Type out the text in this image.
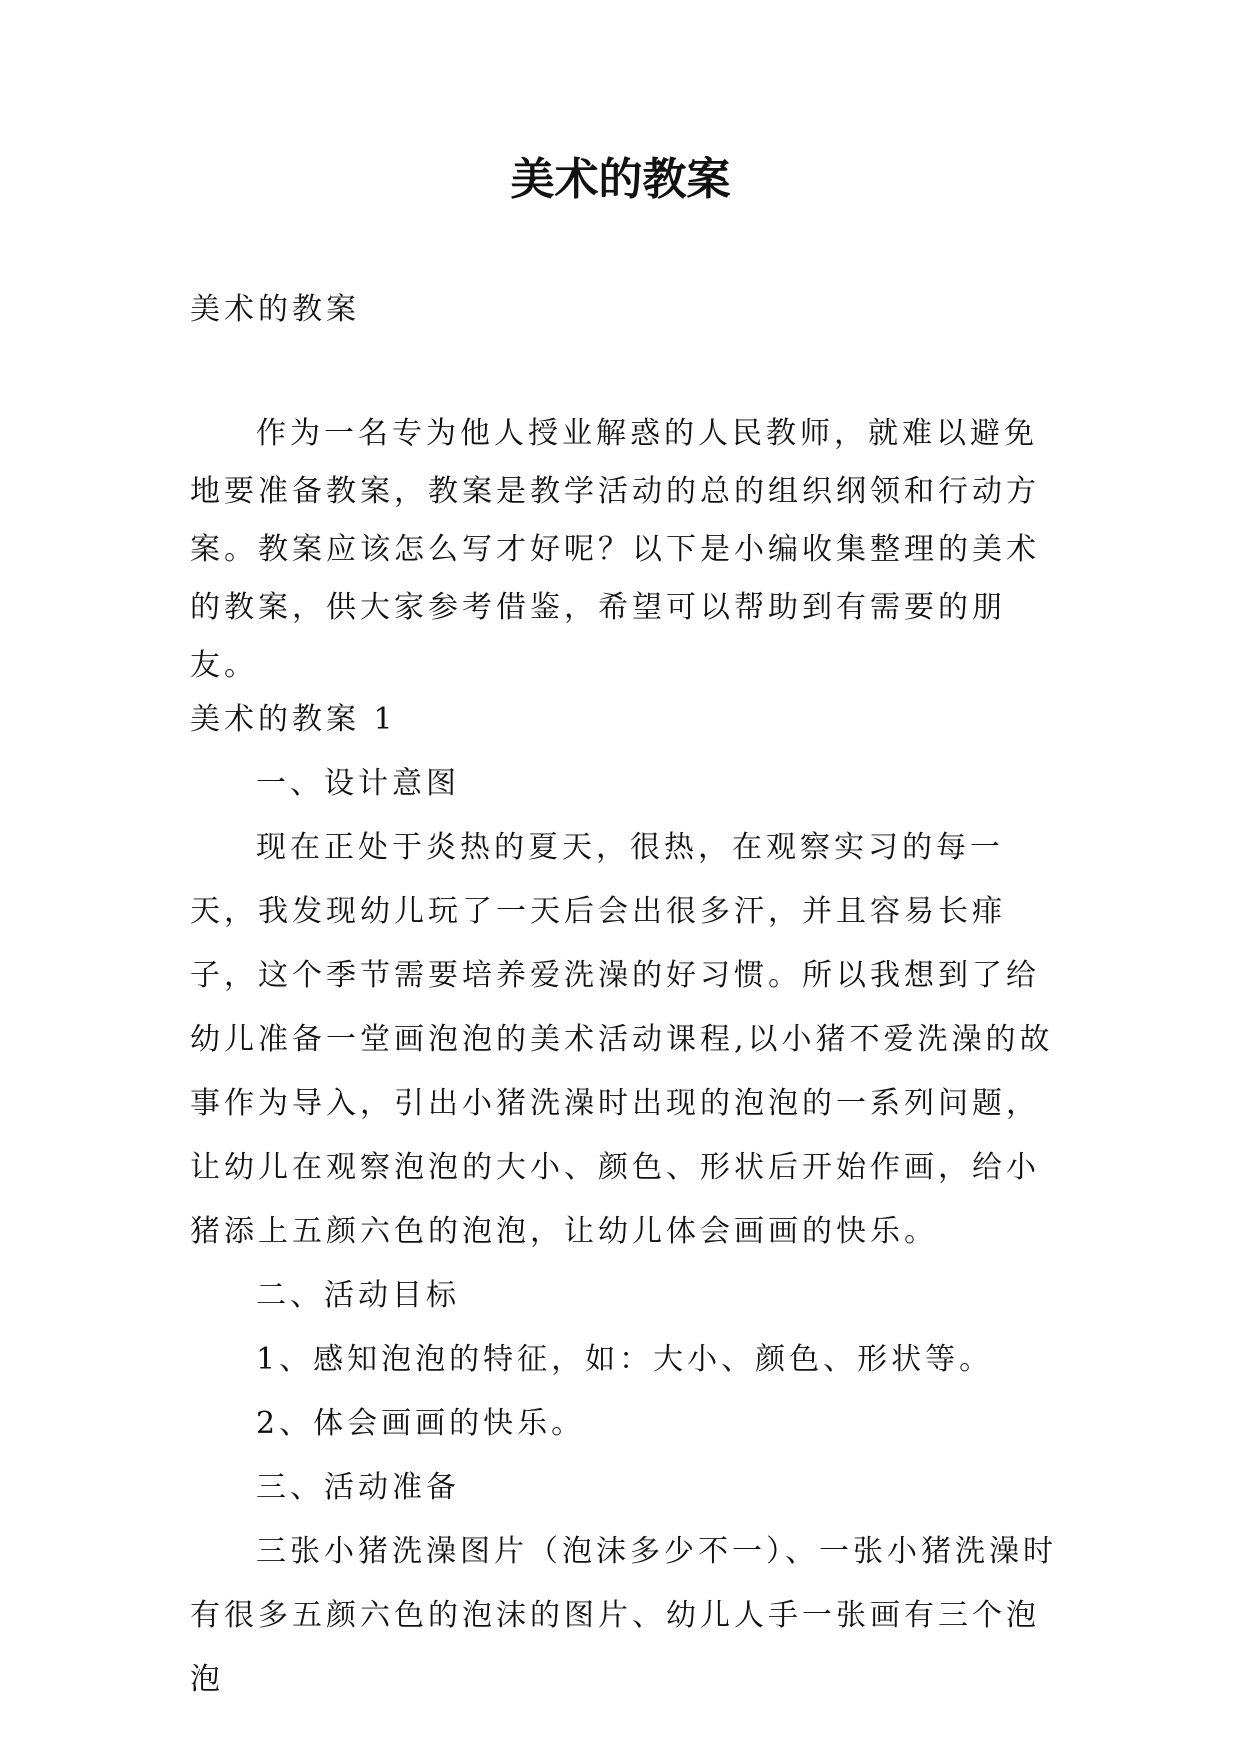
美术的教案

美术的教案

作为一名专为他人授业解惑的人民教师，就难以避免地要准备教案，教案是教学活动的总的组织纲领和行动方案。教案应该怎么写才好呢？以下是小编收集整理的美术的教案，供大家参考借鉴，希望可以帮助到有需要的朋友。

美术的教案 1

一、设计意图

现在正处于炎热的夏天，很热，在观察实习的每一天，我发现幼儿玩了一天后会出很多汗，并且容易长痱子，这个季节需要培养爱洗澡的好习惯。所以我想到了给幼儿准备一堂画泡泡的美术活动课程,以小猪不爱洗澡的故事作为导入，引出小猪洗澡时出现的泡泡的一系列问题，让幼儿在观察泡泡的大小、颜色、形状后开始作画，给小猪添上五颜六色的泡泡，让幼儿体会画画的快乐。

二、活动目标

1、感知泡泡的特征，如：大小、颜色、形状等。

2、体会画画的快乐。

三、活动准备

三张小猪洗澡图片（泡沫多少不一）、一张小猪洗澡时有很多五颜六色的泡沫的图片、幼儿人手一张画有三个泡泡
